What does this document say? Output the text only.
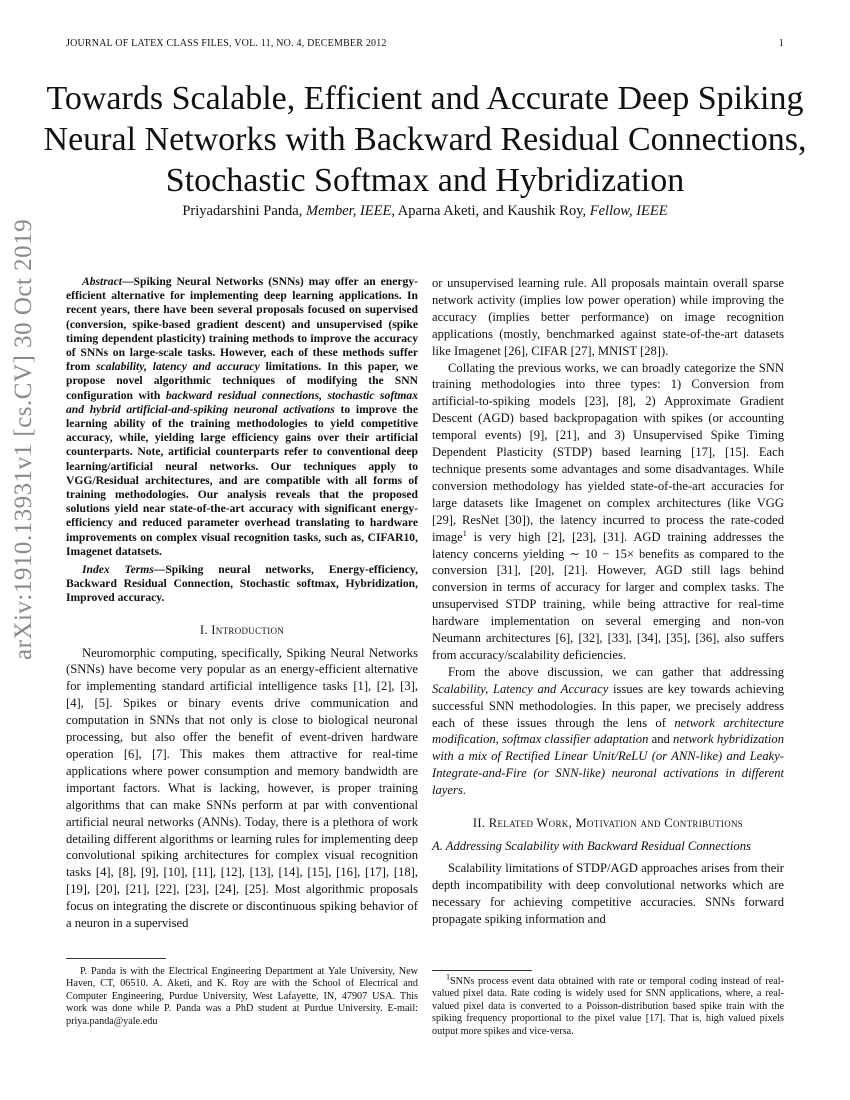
JOURNAL OF LATEX CLASS FILES, VOL. 11, NO. 4, DECEMBER 2012	1
arXiv:1910.13931v1 [cs.CV] 30 Oct 2019
Towards Scalable, Efficient and Accurate Deep Spiking Neural Networks with Backward Residual Connections, Stochastic Softmax and Hybridization
Priyadarshini Panda, Member, IEEE, Aparna Aketi, and Kaushik Roy, Fellow, IEEE

Abstract—Spiking Neural Networks (SNNs) may offer an energy-efficient alternative for implementing deep learning applications. In recent years, there have been several proposals focused on supervised (conversion, spike-based gradient descent) and unsupervised (spike timing dependent plasticity) training methods to improve the accuracy of SNNs on large-scale tasks. However, each of these methods suffer from scalability, latency and accuracy limitations. In this paper, we propose novel algorithmic techniques of modifying the SNN configuration with backward residual connections, stochastic softmax and hybrid artificial-and-spiking neuronal activations to improve the learning ability of the training methodologies to yield competitive accuracy, while, yielding large efficiency gains over their artificial counterparts. Note, artificial counterparts refer to conventional deep learning/artificial neural networks. Our techniques apply to VGG/Residual architectures, and are compatible with all forms of training methodologies. Our analysis reveals that the proposed solutions yield near state-of-the-art accuracy with significant energy-efficiency and reduced parameter overhead translating to hardware improvements on complex visual recognition tasks, such as, CIFAR10, Imagenet datatsets.

Index Terms—Spiking neural networks, Energy-efficiency, Backward Residual Connection, Stochastic softmax, Hybridization, Improved accuracy.

I. Introduction

Neuromorphic computing, specifically, Spiking Neural Networks (SNNs) have become very popular as an energy-efficient alternative for implementing standard artificial intelligence tasks [1], [2], [3], [4], [5]. Spikes or binary events drive communication and computation in SNNs that not only is close to biological neuronal processing, but also offer the benefit of event-driven hardware operation [6], [7]. This makes them attractive for real-time applications where power consumption and memory bandwidth are important factors. What is lacking, however, is proper training algorithms that can make SNNs perform at par with conventional artificial neural networks (ANNs). Today, there is a plethora of work detailing different algorithms or learning rules for implementing deep convolutional spiking architectures for complex visual recognition tasks [4], [8], [9], [10], [11], [12], [13], [14], [15], [16], [17], [18], [19], [20], [21], [22], [23], [24], [25]. Most algorithmic proposals focus on integrating the discrete or discontinuous spiking behavior of a neuron in a supervised

P. Panda is with the Electrical Engineering Department at Yale University, New Haven, CT, 06510. A. Aketi, and K. Roy are with the School of Electrical and Computer Engineering, Purdue University, West Lafayette, IN, 47907 USA. This work was done while P. Panda was a PhD student at Purdue University. E-mail: priya.panda@yale.edu

or unsupervised learning rule. All proposals maintain overall sparse network activity (implies low power operation) while improving the accuracy (implies better performance) on image recognition applications (mostly, benchmarked against state-of-the-art datasets like Imagenet [26], CIFAR [27], MNIST [28]).

Collating the previous works, we can broadly categorize the SNN training methodologies into three types: 1) Conversion from artificial-to-spiking models [23], [8], 2) Approximate Gradient Descent (AGD) based backpropagation with spikes (or accounting temporal events) [9], [21], and 3) Unsupervised Spike Timing Dependent Plasticity (STDP) based learning [17], [15]. Each technique presents some advantages and some disadvantages. While conversion methodology has yielded state-of-the-art accuracies for large datasets like Imagenet on complex architectures (like VGG [29], ResNet [30]), the latency incurred to process the rate-coded image$^1$ is very high [2], [23], [31]. AGD training addresses the latency concerns yielding ∼ 10 − 15× benefits as compared to the conversion [31], [20], [21]. However, AGD still lags behind conversion in terms of accuracy for larger and complex tasks. The unsupervised STDP training, while being attractive for real-time hardware implementation on several emerging and non-von Neumann architectures [6], [32], [33], [34], [35], [36], also suffers from accuracy/scalability deficiencies.

From the above discussion, we can gather that addressing Scalability, Latency and Accuracy issues are key towards achieving successful SNN methodologies. In this paper, we precisely address each of these issues through the lens of network architecture modification, softmax classifier adaptation and network hybridization with a mix of Rectified Linear Unit/ReLU (or ANN-like) and Leaky-Integrate-and-Fire (or SNN-like) neuronal activations in different layers.

II. Related Work, Motivation and Contributions
A. Addressing Scalability with Backward Residual Connections

Scalability limitations of STDP/AGD approaches arises from their depth incompatibility with deep convolutional networks which are necessary for achieving competitive accuracies. SNNs forward propagate spiking information and

$^1$SNNs process event data obtained with rate or temporal coding instead of real-valued pixel data. Rate coding is widely used for SNN applications, where, a real-valued pixel data is converted to a Poisson-distribution based spike train with the spiking frequency proportional to the pixel value [17]. That is, high valued pixels output more spikes and vice-versa.
